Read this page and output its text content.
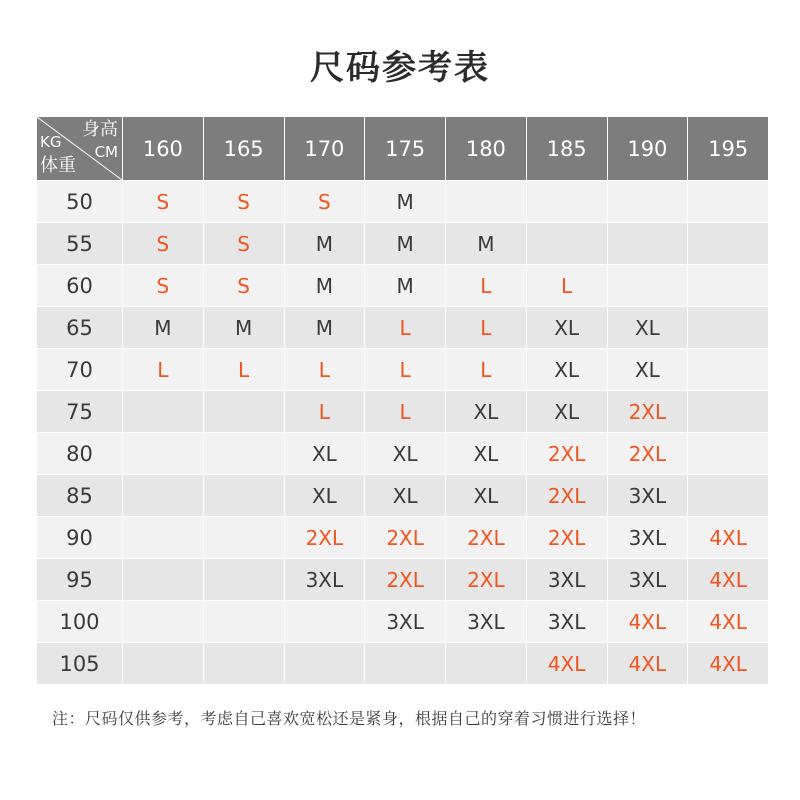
尺码参考表
身高
CM
KG
体重	160	165	170	175	180	185	190	195
50	S	S	S	M				
55	S	S	M	M	M			
60	S	S	M	M	L	L		
65	M	M	M	L	L	XL	XL	
70	L	L	L	L	L	XL	XL	
75			L	L	XL	XL	2XL	
80			XL	XL	XL	2XL	2XL	
85			XL	XL	XL	2XL	3XL	
90			2XL	2XL	2XL	2XL	3XL	4XL
95			3XL	2XL	2XL	3XL	3XL	4XL
100				3XL	3XL	3XL	4XL	4XL
105						4XL	4XL	4XL
注：尺码仅供参考，考虑自己喜欢宽松还是紧身，根据自己的穿着习惯进行选择！
